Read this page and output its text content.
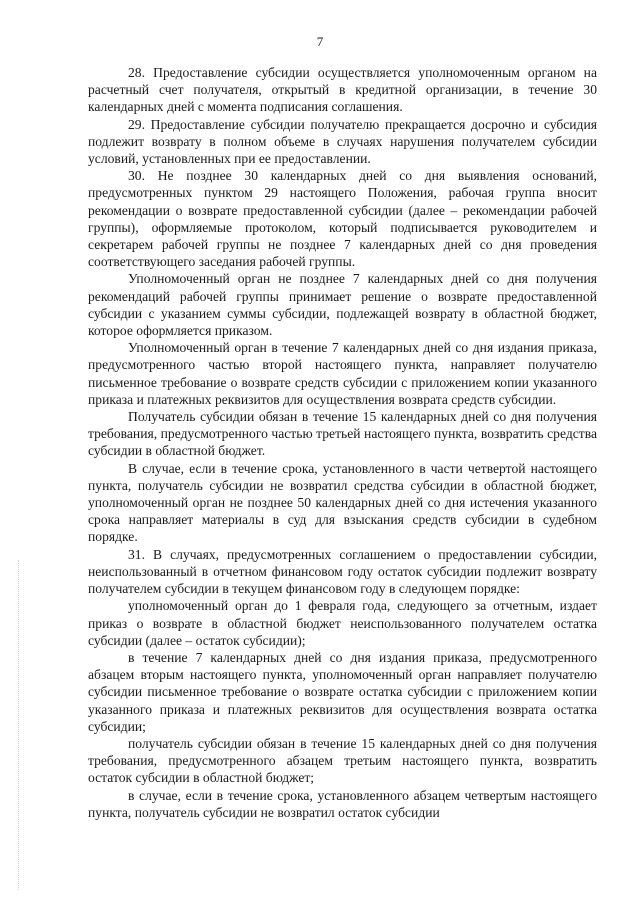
7

28. Предоставление субсидии осуществляется уполномоченным органом на расчетный счет получателя, открытый в кредитной организации, в течение 30 календарных дней с момента подписания соглашения.

29. Предоставление субсидии получателю прекращается досрочно и субсидия подлежит возврату в полном объеме в случаях нарушения получателем субсидии условий, установленных при ее предоставлении.

30. Не позднее 30 календарных дней со дня выявления оснований, предусмотренных пунктом 29 настоящего Положения, рабочая группа вносит рекомендации о возврате предоставленной субсидии (далее – рекомендации рабочей группы), оформляемые протоколом, который подписывается руководителем и секретарем рабочей группы не позднее 7 календарных дней со дня проведения соответствующего заседания рабочей группы.

Уполномоченный орган не позднее 7 календарных дней со дня получения рекомендаций рабочей группы принимает решение о возврате предоставленной субсидии с указанием суммы субсидии, подлежащей возврату в областной бюджет, которое оформляется приказом.

Уполномоченный орган в течение 7 календарных дней со дня издания приказа, предусмотренного частью второй настоящего пункта, направляет получателю письменное требование о возврате средств субсидии с приложением копии указанного приказа и платежных реквизитов для осуществления возврата средств субсидии.

Получатель субсидии обязан в течение 15 календарных дней со дня получения требования, предусмотренного частью третьей настоящего пункта, возвратить средства субсидии в областной бюджет.

В случае, если в течение срока, установленного в части четвертой настоящего пункта, получатель субсидии не возвратил средства субсидии в областной бюджет, уполномоченный орган не позднее 50 календарных дней со дня истечения указанного срока направляет материалы в суд для взыскания средств субсидии в судебном порядке.

31. В случаях, предусмотренных соглашением о предоставлении субсидии, неиспользованный в отчетном финансовом году остаток субсидии подлежит возврату получателем субсидии в текущем финансовом году в следующем порядке:

уполномоченный орган до 1 февраля года, следующего за отчетным, издает приказ о возврате в областной бюджет неиспользованного получателем остатка субсидии (далее – остаток субсидии);

в течение 7 календарных дней со дня издания приказа, предусмотренного абзацем вторым настоящего пункта, уполномоченный орган направляет получателю субсидии письменное требование о возврате остатка субсидии с приложением копии указанного приказа и платежных реквизитов для осуществления возврата остатка субсидии;

получатель субсидии обязан в течение 15 календарных дней со дня получения требования, предусмотренного абзацем третьим настоящего пункта, возвратить остаток субсидии в областной бюджет;

в случае, если в течение срока, установленного абзацем четвертым настоящего пункта, получатель субсидии не возвратил остаток субсидии
